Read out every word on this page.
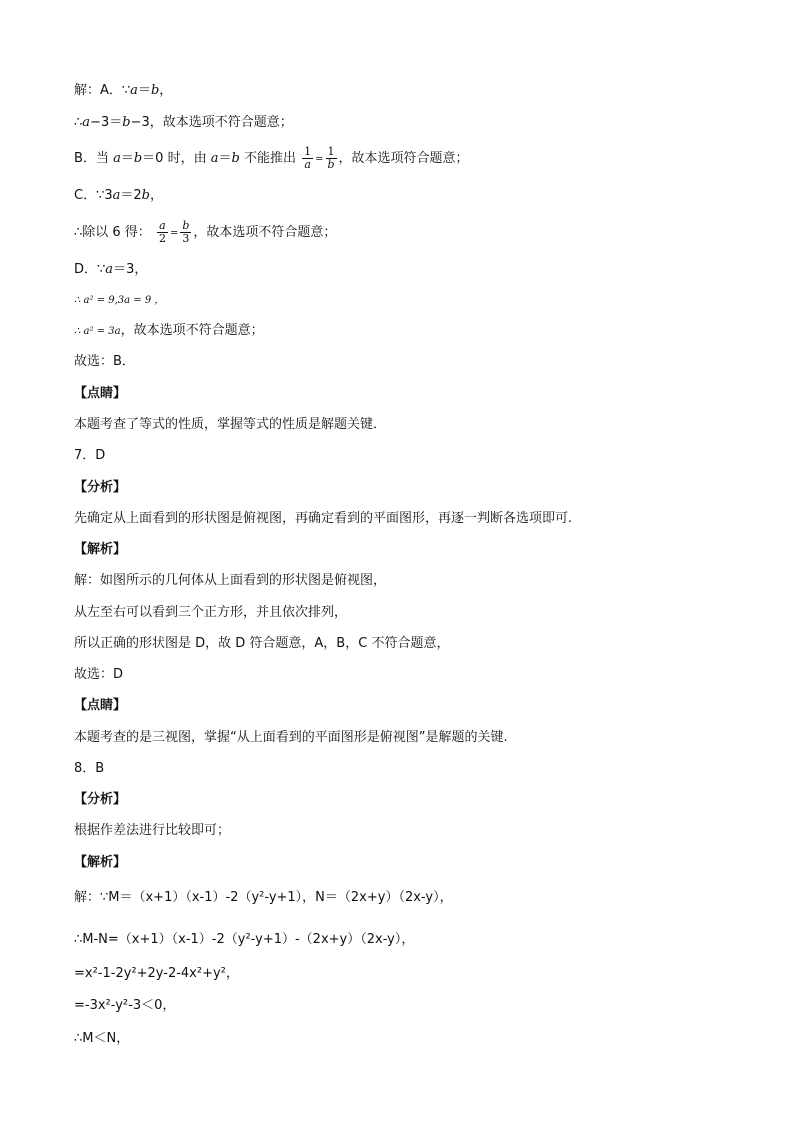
解：A．∵a＝b，
∴a−3＝b−3，故本选项不符合题意；
B．当 a＝b＝0 时，由 a＝b 不能推出 $\frac{1}{a} = \frac{1}{b}$ ，故本选项符合题意；
C．∵3a＝2b，
∴除以 6 得： $\frac{a}{2} = \frac{b}{3}$ ，故本选项不符合题意；
D．∵a＝3，
∴ a² = 9,3a = 9 ，
∴ a² = 3a，故本选项不符合题意；
故选：B．
【点睛】
本题考查了等式的性质，掌握等式的性质是解题关键．
7．D
【分析】
先确定从上面看到的形状图是俯视图，再确定看到的平面图形，再逐一判断各选项即可.
【解析】
解：如图所示的几何体从上面看到的形状图是俯视图，
从左至右可以看到三个正方形，并且依次排列，
所以正确的形状图是 D，故 D 符合题意，A，B，C 不符合题意，
故选：D
【点睛】
本题考查的是三视图，掌握“从上面看到的平面图形是俯视图”是解题的关键.
8．B
【分析】
根据作差法进行比较即可；
【解析】
解：∵M＝（x+1）（x-1）-2（y²-y+1），N＝（2x+y）（2x-y），
∴M-N=（x+1）（x-1）-2（y²-y+1）-（2x+y）（2x-y），
=x²-1-2y²+2y-2-4x²+y²，
=-3x²-y²-3＜0，
∴M＜N，
